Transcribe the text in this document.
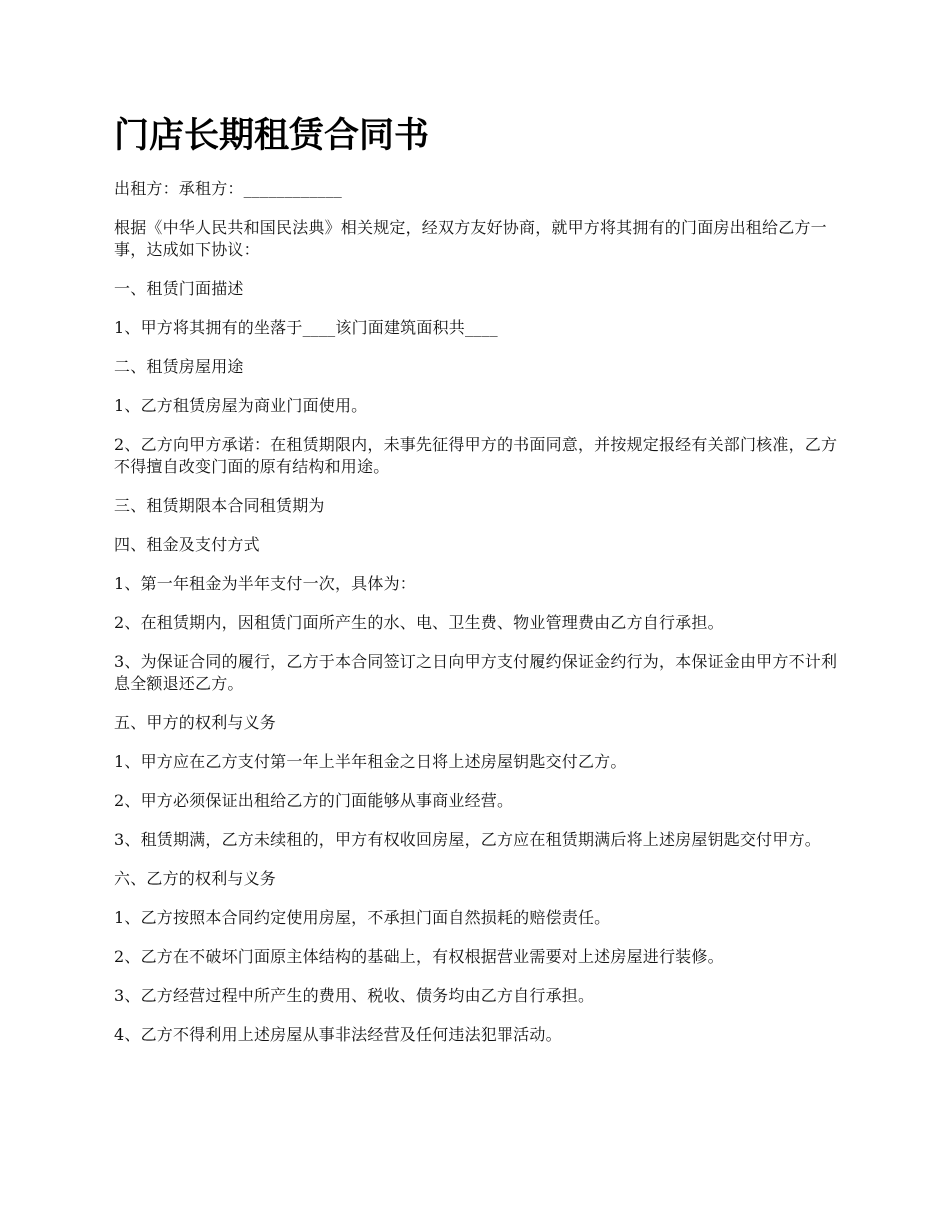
门店长期租赁合同书

出租方：承租方：____________

根据《中华人民共和国民法典》相关规定，经双方友好协商，就甲方将其拥有的门面房出租给乙方一事，达成如下协议：

一、租赁门面描述

1、甲方将其拥有的坐落于____该门面建筑面积共____

二、租赁房屋用途

1、乙方租赁房屋为商业门面使用。

2、乙方向甲方承诺：在租赁期限内，未事先征得甲方的书面同意，并按规定报经有关部门核准，乙方不得擅自改变门面的原有结构和用途。

三、租赁期限本合同租赁期为

四、租金及支付方式

1、第一年租金为半年支付一次，具体为：

2、在租赁期内，因租赁门面所产生的水、电、卫生费、物业管理费由乙方自行承担。

3、为保证合同的履行，乙方于本合同签订之日向甲方支付履约保证金约行为，本保证金由甲方不计利息全额退还乙方。

五、甲方的权利与义务

1、甲方应在乙方支付第一年上半年租金之日将上述房屋钥匙交付乙方。

2、甲方必须保证出租给乙方的门面能够从事商业经营。

3、租赁期满，乙方未续租的，甲方有权收回房屋，乙方应在租赁期满后将上述房屋钥匙交付甲方。

六、乙方的权利与义务

1、乙方按照本合同约定使用房屋，不承担门面自然损耗的赔偿责任。

2、乙方在不破坏门面原主体结构的基础上，有权根据营业需要对上述房屋进行装修。

3、乙方经营过程中所产生的费用、税收、债务均由乙方自行承担。

4、乙方不得利用上述房屋从事非法经营及任何违法犯罪活动。
